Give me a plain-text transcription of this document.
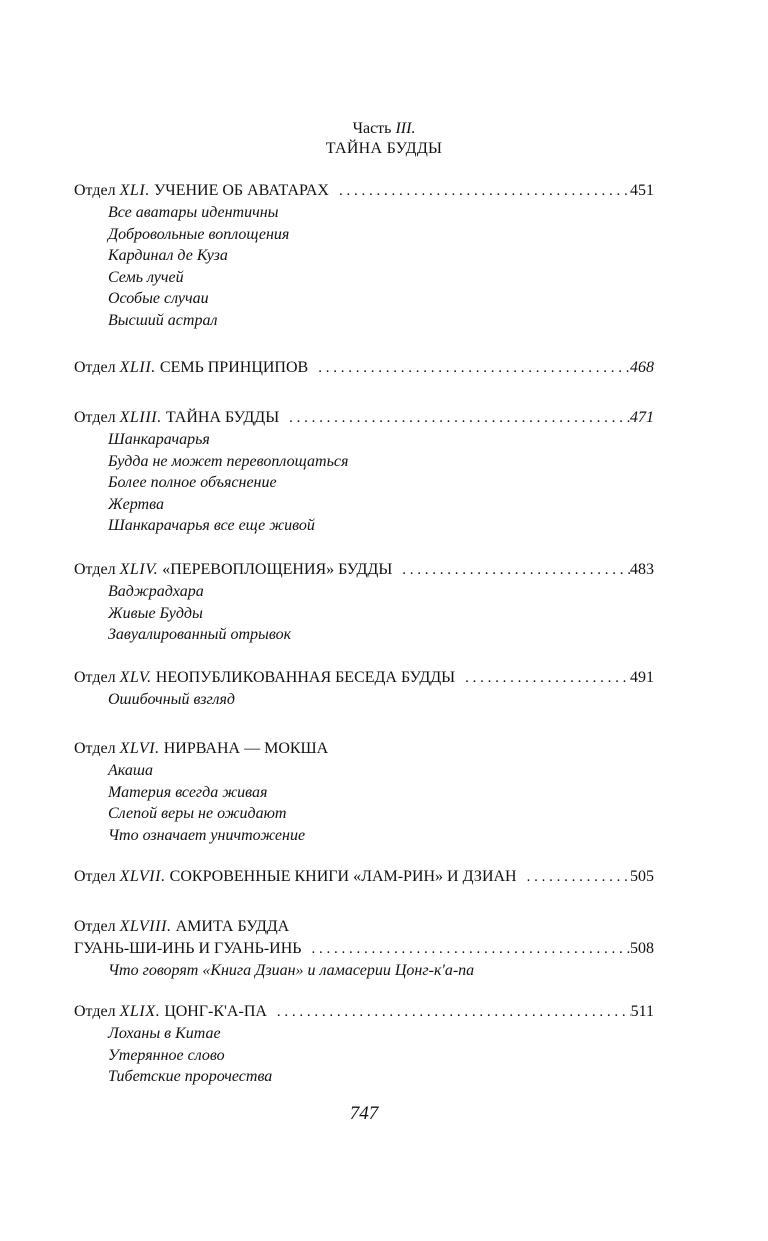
Часть III.
ТАЙНА БУДДЫ
Отдел XLI. УЧЕНИЕ ОБ АВАТАРАХ . . .	451
Все аватары идентичны
Добровольные воплощения
Кардинал де Куза
Семь лучей
Особые случаи
Высший астрал
Отдел XLII. СЕМЬ ПРИНЦИПОВ . . .	468
Отдел XLIII. ТАЙНА БУДДЫ . . .	471
Шанкарачарья
Будда не может перевоплощаться
Более полное объяснение
Жертва
Шанкарачарья все еще живой
Отдел XLIV. «ПЕРЕВОПЛОЩЕНИЯ» БУДДЫ . . .	483
Ваджрадхара
Живые Будды
Завуалированный отрывок
Отдел XLV. НЕОПУБЛИКОВАННАЯ БЕСЕДА БУДДЫ . . .	491
Ошибочный взгляд
Отдел XLVI. НИРВАНА — МОКША
Акаша
Материя всегда живая
Слепой веры не ожидают
Что означает уничтожение
Отдел XLVII. СОКРОВЕННЫЕ КНИГИ «ЛАМ-РИН» И ДЗИАН . . .	505
Отдел XLVIII. АМИТА БУДДА
ГУАНЬ-ШИ-ИНЬ И ГУАНЬ-ИНЬ . . .	508
Что говорят «Книга Дзиан» и ламасерии Цонг-к'а-па
Отдел XLIX. ЦОНГ-К'А-ПА . . .	511
Лоханы в Китае
Утерянное слово
Тибетские пророчества
747
